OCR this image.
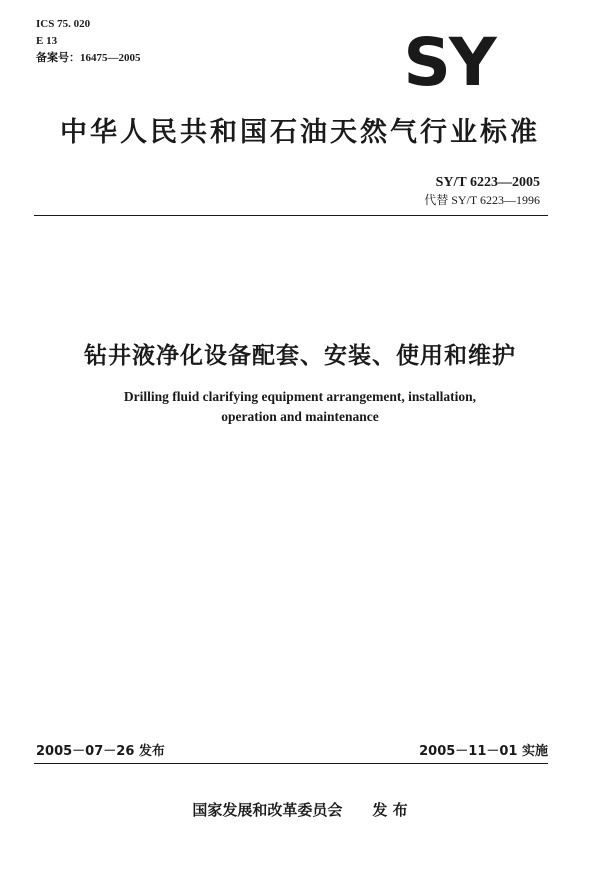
ICS 75. 020
E 13
备案号：16475—2005	SY
中华人民共和国石油天然气行业标准
SY/T 6223—2005
代替 SY/T 6223—1996
钻井液净化设备配套、安装、使用和维护
Drilling fluid clarifying equipment arrangement, installation,
operation and maintenance
2005－07－26 发布	2005－11－01 实施
国家发展和改革委员会 发 布
